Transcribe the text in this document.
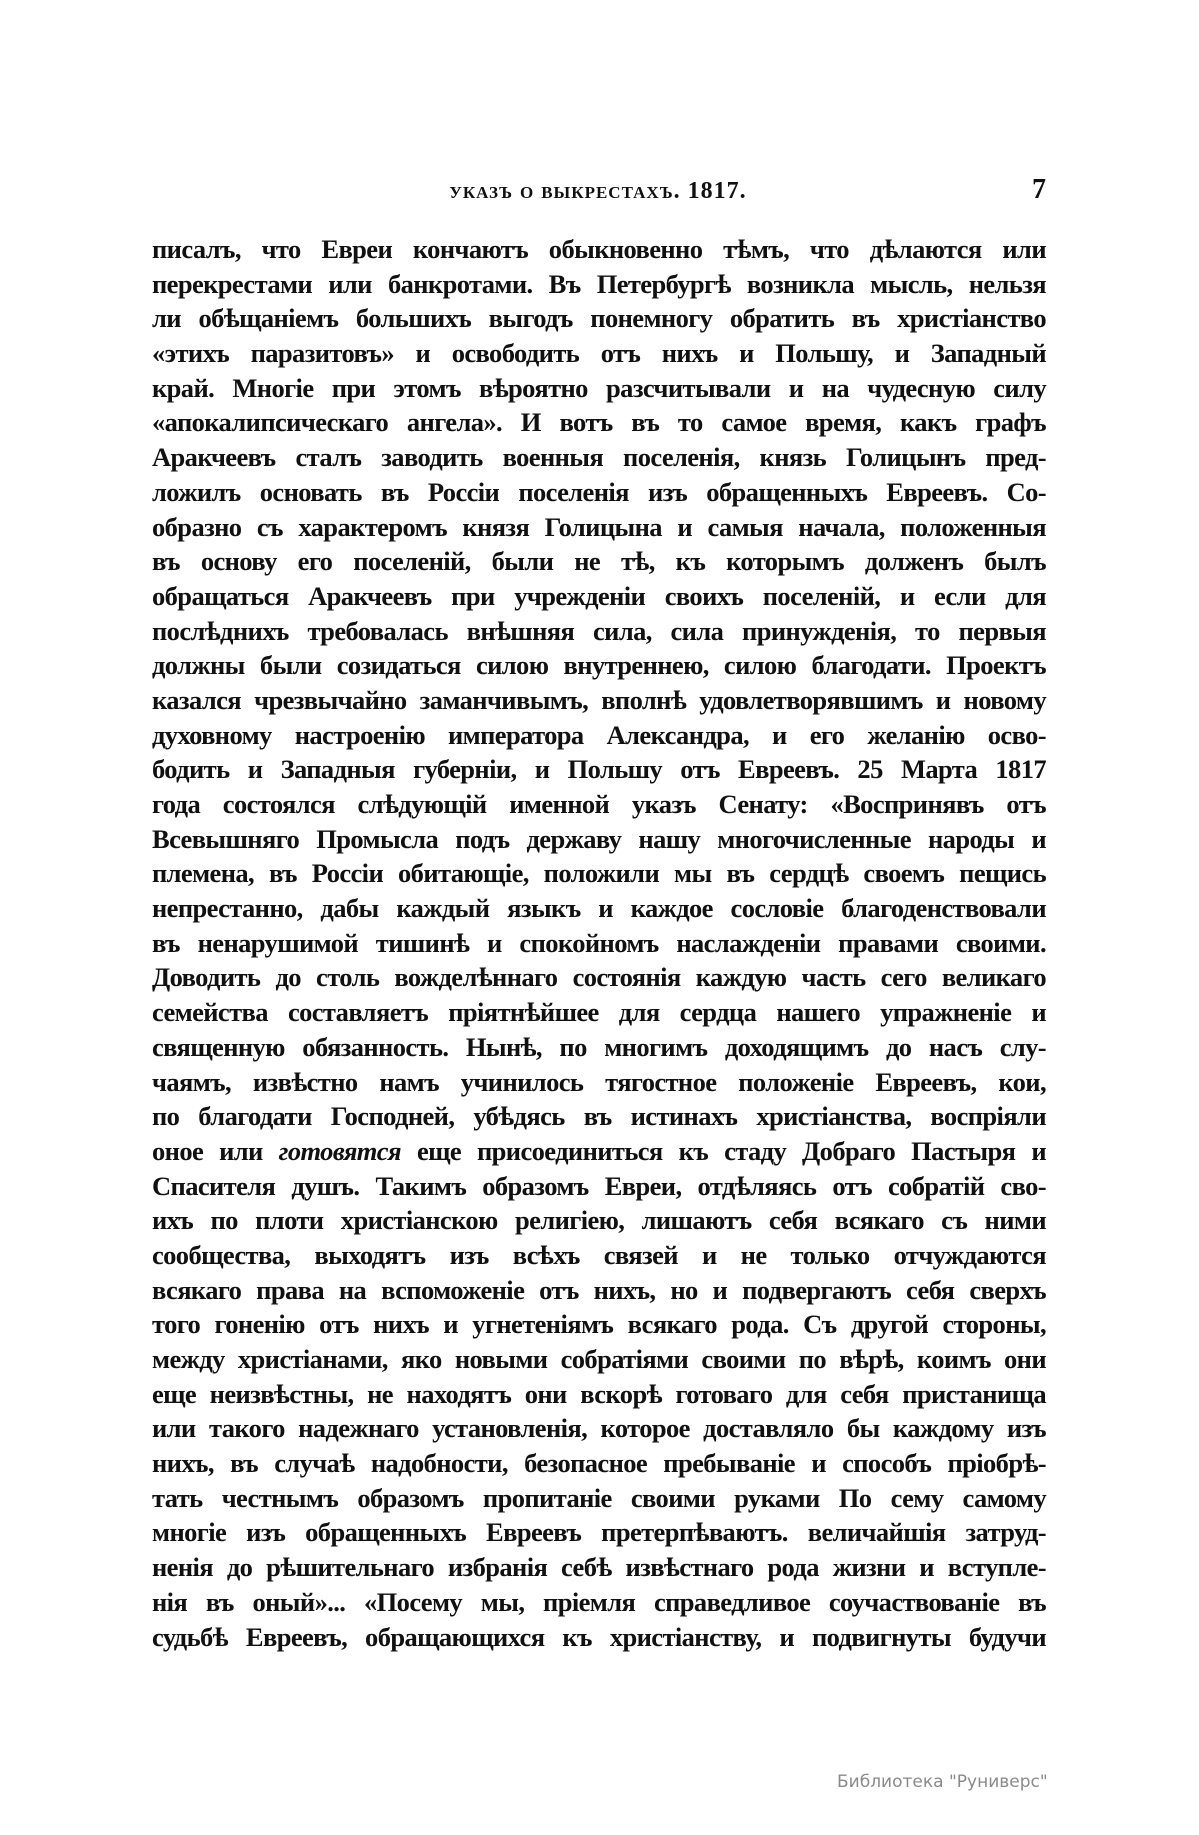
указъ о выкрестахъ. 1817.	7
писалъ, что Евреи кончаютъ обыкновенно тѣмъ, что дѣлаются или
перекрестами или банкротами. Въ Петербургѣ возникла мысль, нельзя
ли обѣщаніемъ большихъ выгодъ понемногу обратить въ христіанство
«этихъ паразитовъ» и освободить отъ нихъ и Польшу, и Западный
край. Многіе при этомъ вѣроятно разсчитывали и на чудесную силу
«апокалипсическаго ангела». И вотъ въ то самое время, какъ графъ
Аракчеевъ сталъ заводить военныя поселенія, князь Голицынъ пред-
ложилъ основать въ Россіи поселенія изъ обращенныхъ Евреевъ. Со-
образно съ характеромъ князя Голицына и самыя начала, положенныя
въ основу его поселеній, были не тѣ, къ которымъ долженъ былъ
обращаться Аракчеевъ при учрежденіи своихъ поселеній, и если для
послѣднихъ требовалась внѣшняя сила, сила принужденія, то первыя
должны были созидаться силою внутреннею, силою благодати. Проектъ
казался чрезвычайно заманчивымъ, вполнѣ удовлетворявшимъ и новому
духовному настроенію императора Александра, и его желанію осво-
бодить и Западныя губерніи, и Польшу отъ Евреевъ. 25 Марта 1817
года состоялся слѣдующій именной указъ Сенату: «Воспринявъ отъ
Всевышняго Промысла подъ державу нашу многочисленные народы и
племена, въ Россіи обитающіе, положили мы въ сердцѣ своемъ пещись
непрестанно, дабы каждый языкъ и каждое сословіе благоденствовали
въ ненарушимой тишинѣ и спокойномъ наслажденіи правами своими.
Доводить до столь вожделѣннаго состоянія каждую часть сего великаго
семейства составляетъ пріятнѣйшее для сердца нашего упражненіе и
священную обязанность. Нынѣ, по многимъ доходящимъ до насъ слу-
чаямъ, извѣстно намъ учинилось тягостное положеніе Евреевъ, кои,
по благодати Господней, убѣдясь въ истинахъ христіанства, воспріяли
оное или готовятся еще присоединиться къ стаду Добраго Пастыря и
Спасителя душъ. Такимъ образомъ Евреи, отдѣляясь отъ собратій сво-
ихъ по плоти христіанскою религіею, лишаютъ себя всякаго съ ними
сообщества, выходятъ изъ всѣхъ связей и не только отчуждаются
всякаго права на вспоможеніе отъ нихъ, но и подвергаютъ себя сверхъ
того гоненію отъ нихъ и угнетеніямъ всякаго рода. Съ другой стороны,
между христіанами, яко новыми собратіями своими по вѣрѣ, коимъ они
еще неизвѣстны, не находятъ они вскорѣ готоваго для себя пристанища
или такого надежнаго установленія, которое доставляло бы каждому изъ
нихъ, въ случаѣ надобности, безопасное пребываніе и способъ пріобрѣ-
тать честнымъ образомъ пропитаніе своими руками По сему самому
многіе изъ обращенныхъ Евреевъ претерпѣваютъ. величайшія затруд-
ненія до рѣшительнаго избранія себѣ извѣстнаго рода жизни и вступле-
нія въ оный»... «Посему мы, пріемля справедливое соучаствованіе въ
судьбѣ Евреевъ, обращающихся къ христіанству, и подвигнуты будучи
Библиотека "Руниверс"
